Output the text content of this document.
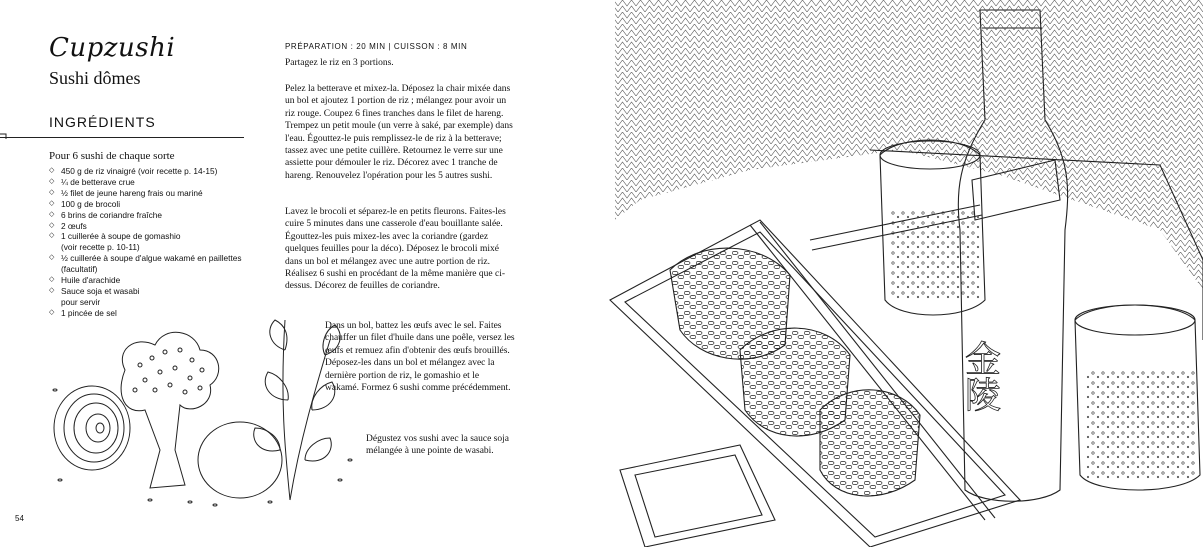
Cupzushi
Sushi dômes
INGRÉDIENTS
Pour 6 sushi de chaque sorte
◇ 450 g de riz vinaigré (voir recette p. 14-15)
◇ ¼ de betterave crue
◇ ½ filet de jeune hareng frais ou mariné
◇ 100 g de brocoli
◇ 6 brins de coriandre fraîche
◇ 2 œufs
◇ 1 cuillerée à soupe de gomashio
(voir recette p. 10-11)
◇ ½ cuillerée à soupe d'algue wakamé en paillettes
(facultatif)
◇ Huile d'arachide
◇ Sauce soja et wasabi
pour servir
◇ 1 pincée de sel
PRÉPARATION : 20 MIN | CUISSON : 8 MIN

Partagez le riz en 3 portions.

Pelez la betterave et mixez-la. Déposez la chair mixée dans un bol et ajoutez 1 portion de riz ; mélangez pour avoir un riz rouge. Coupez 6 fines tranches dans le filet de hareng. Trempez un petit moule (un verre à saké, par exemple) dans l'eau. Égouttez-le puis remplissez-le de riz à la betterave; tassez avec une petite cuillère. Retournez le verre sur une assiette pour démouler le riz. Décorez avec 1 tranche de hareng. Renouvelez l'opération pour les 5 autres sushi.

Lavez le brocoli et séparez-le en petits fleurons. Faites-les cuire 5 minutes dans une casserole d'eau bouillante salée. Égouttez-les puis mixez-les avec la coriandre (gardez quelques feuilles pour la déco). Déposez le brocoli mixé dans un bol et mélangez avec une autre portion de riz. Réalisez 6 sushi en procédant de la même manière que ci-dessus. Décorez de feuilles de coriandre.

Dans un bol, battez les œufs avec le sel. Faites chauffer un filet d'huile dans une poêle, versez les œufs et remuez afin d'obtenir des œufs brouillés. Déposez-les dans un bol et mélangez avec la dernière portion de riz, le gomashio et le wakamé. Formez 6 sushi comme précédemment.

Dégustez vos sushi avec la sauce soja mélangée à une pointe de wasabi.

54
金陵
